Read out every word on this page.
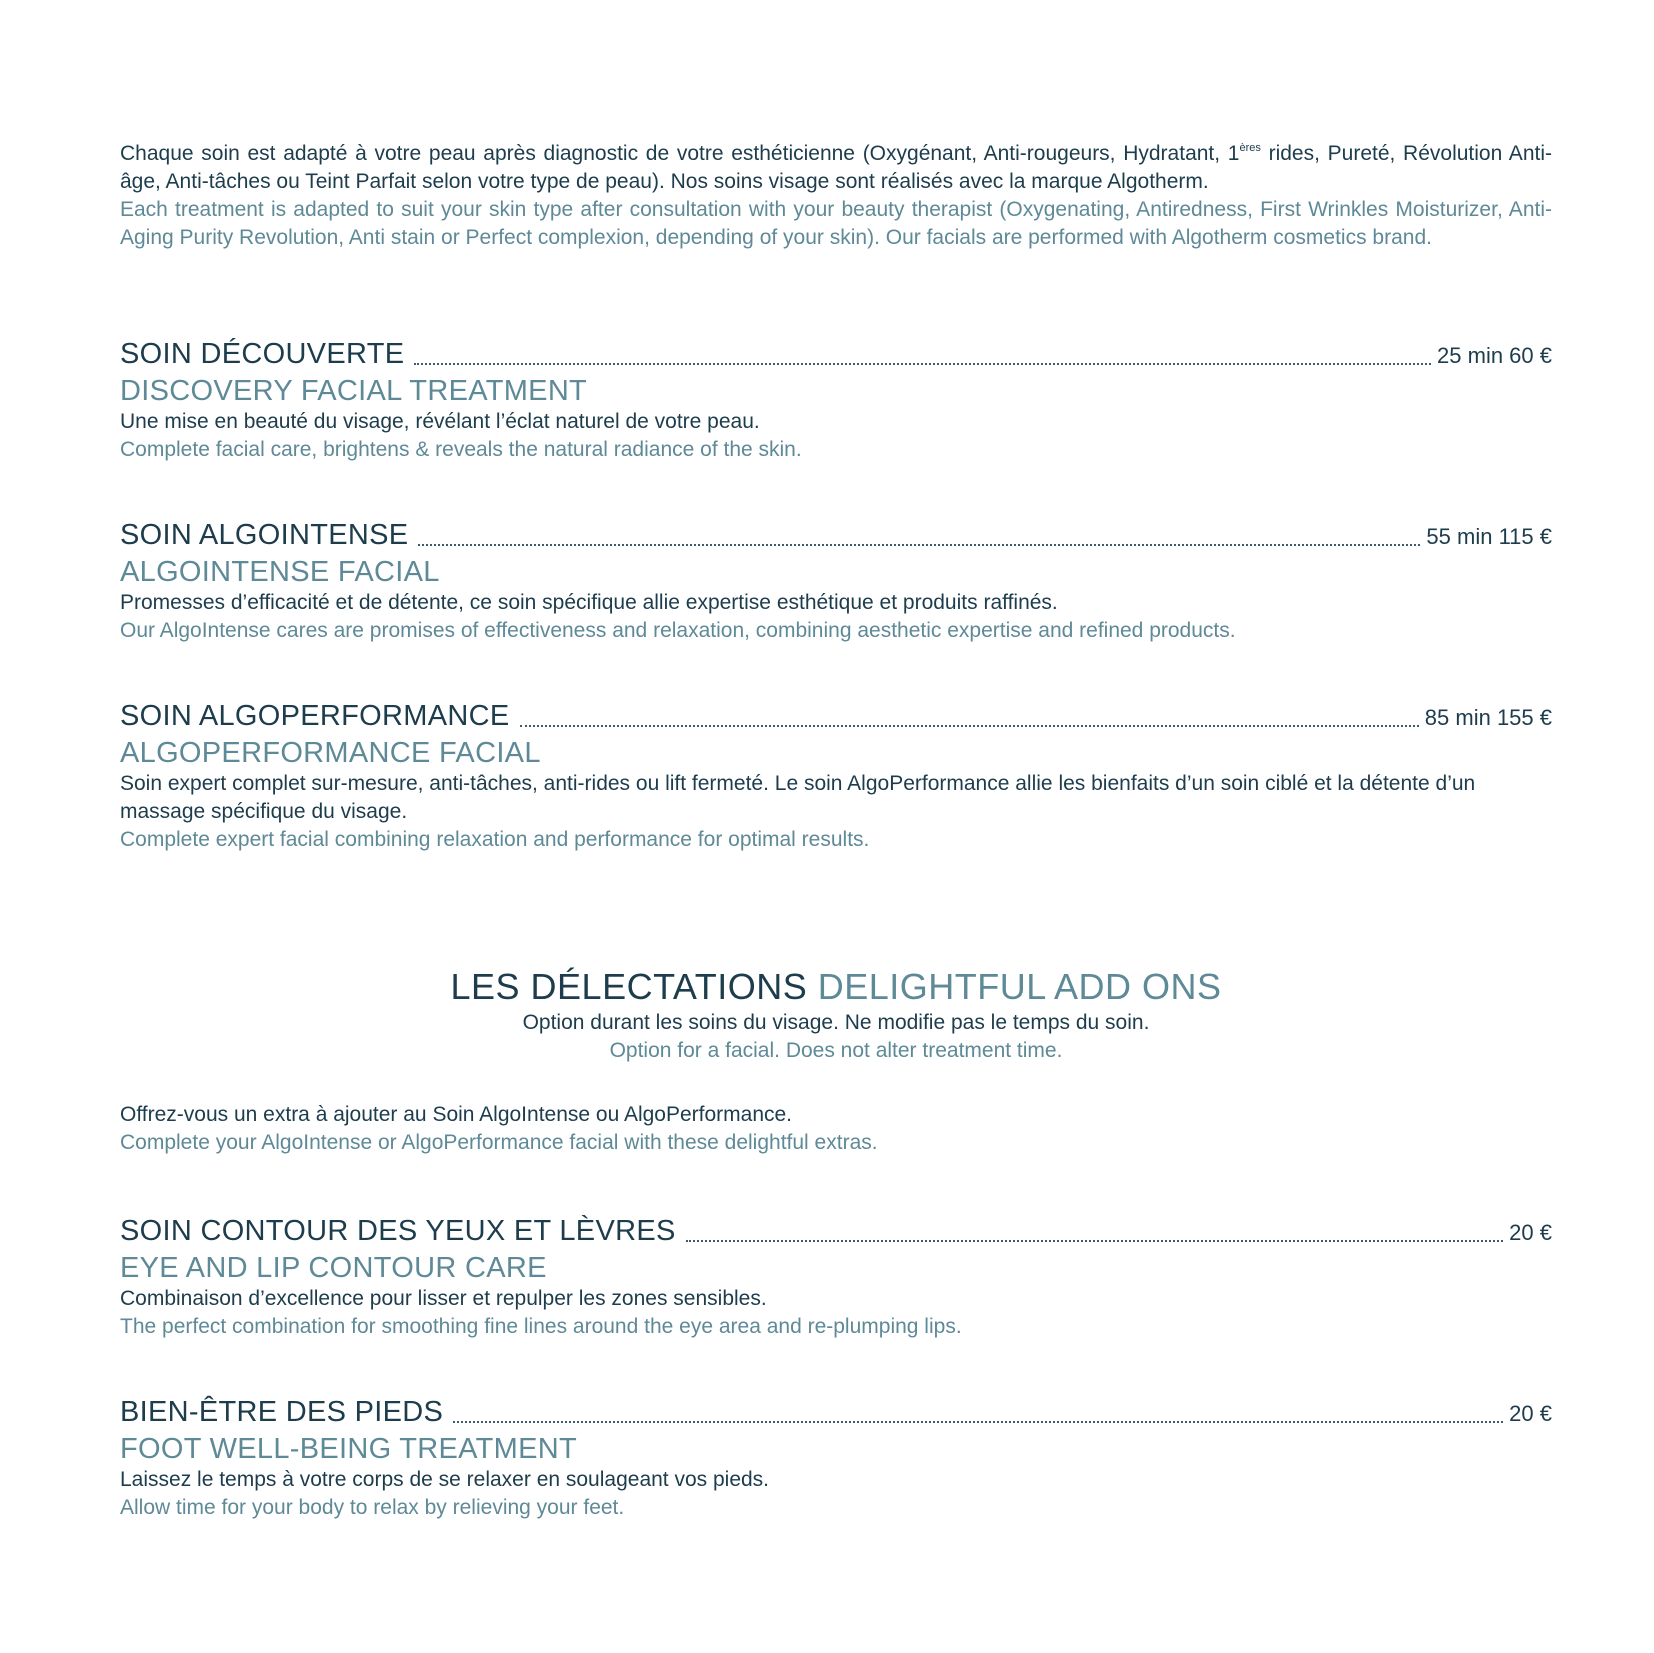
Chaque soin est adapté à votre peau après diagnostic de votre esthéticienne (Oxygénant, Anti-rougeurs, Hydratant, 1ères rides, Pureté, Révolution Anti-âge, Anti-tâches ou Teint Parfait selon votre type de peau). Nos soins visage sont réalisés avec la marque Algotherm.

Each treatment is adapted to suit your skin type after consultation with your beauty therapist (Oxygenating, Antiredness, First Wrinkles Moisturizer, Anti-Aging Purity Revolution, Anti stain or Perfect complexion, depending of your skin). Our facials are performed with Algotherm cosmetics brand.

SOIN DÉCOUVERTE	25 min 60 €

DISCOVERY FACIAL TREATMENT

Une mise en beauté du visage, révélant l’éclat naturel de votre peau.

Complete facial care, brightens & reveals the natural radiance of the skin.

SOIN ALGOINTENSE	55 min 115 €

ALGOINTENSE FACIAL

Promesses d’efficacité et de détente, ce soin spécifique allie expertise esthétique et produits raffinés.

Our AlgoIntense cares are promises of effectiveness and relaxation, combining aesthetic expertise and refined products.

SOIN ALGOPERFORMANCE	85 min 155 €

ALGOPERFORMANCE FACIAL

Soin expert complet sur-mesure, anti-tâches, anti-rides ou lift fermeté. Le soin AlgoPerformance allie les bienfaits d’un soin ciblé et la détente d’un massage spécifique du visage.

Complete expert facial combining relaxation and performance for optimal results.

LES DÉLECTATIONS DELIGHTFUL ADD ONS

Option durant les soins du visage. Ne modifie pas le temps du soin.

Option for a facial. Does not alter treatment time.

Offrez-vous un extra à ajouter au Soin AlgoIntense ou AlgoPerformance.

Complete your AlgoIntense or AlgoPerformance facial with these delightful extras.

SOIN CONTOUR DES YEUX ET LÈVRES	20 €

EYE AND LIP CONTOUR CARE

Combinaison d’excellence pour lisser et repulper les zones sensibles.

The perfect combination for smoothing fine lines around the eye area and re-plumping lips.

BIEN-ÊTRE DES PIEDS	20 €

FOOT WELL-BEING TREATMENT

Laissez le temps à votre corps de se relaxer en soulageant vos pieds.

Allow time for your body to relax by relieving your feet.
